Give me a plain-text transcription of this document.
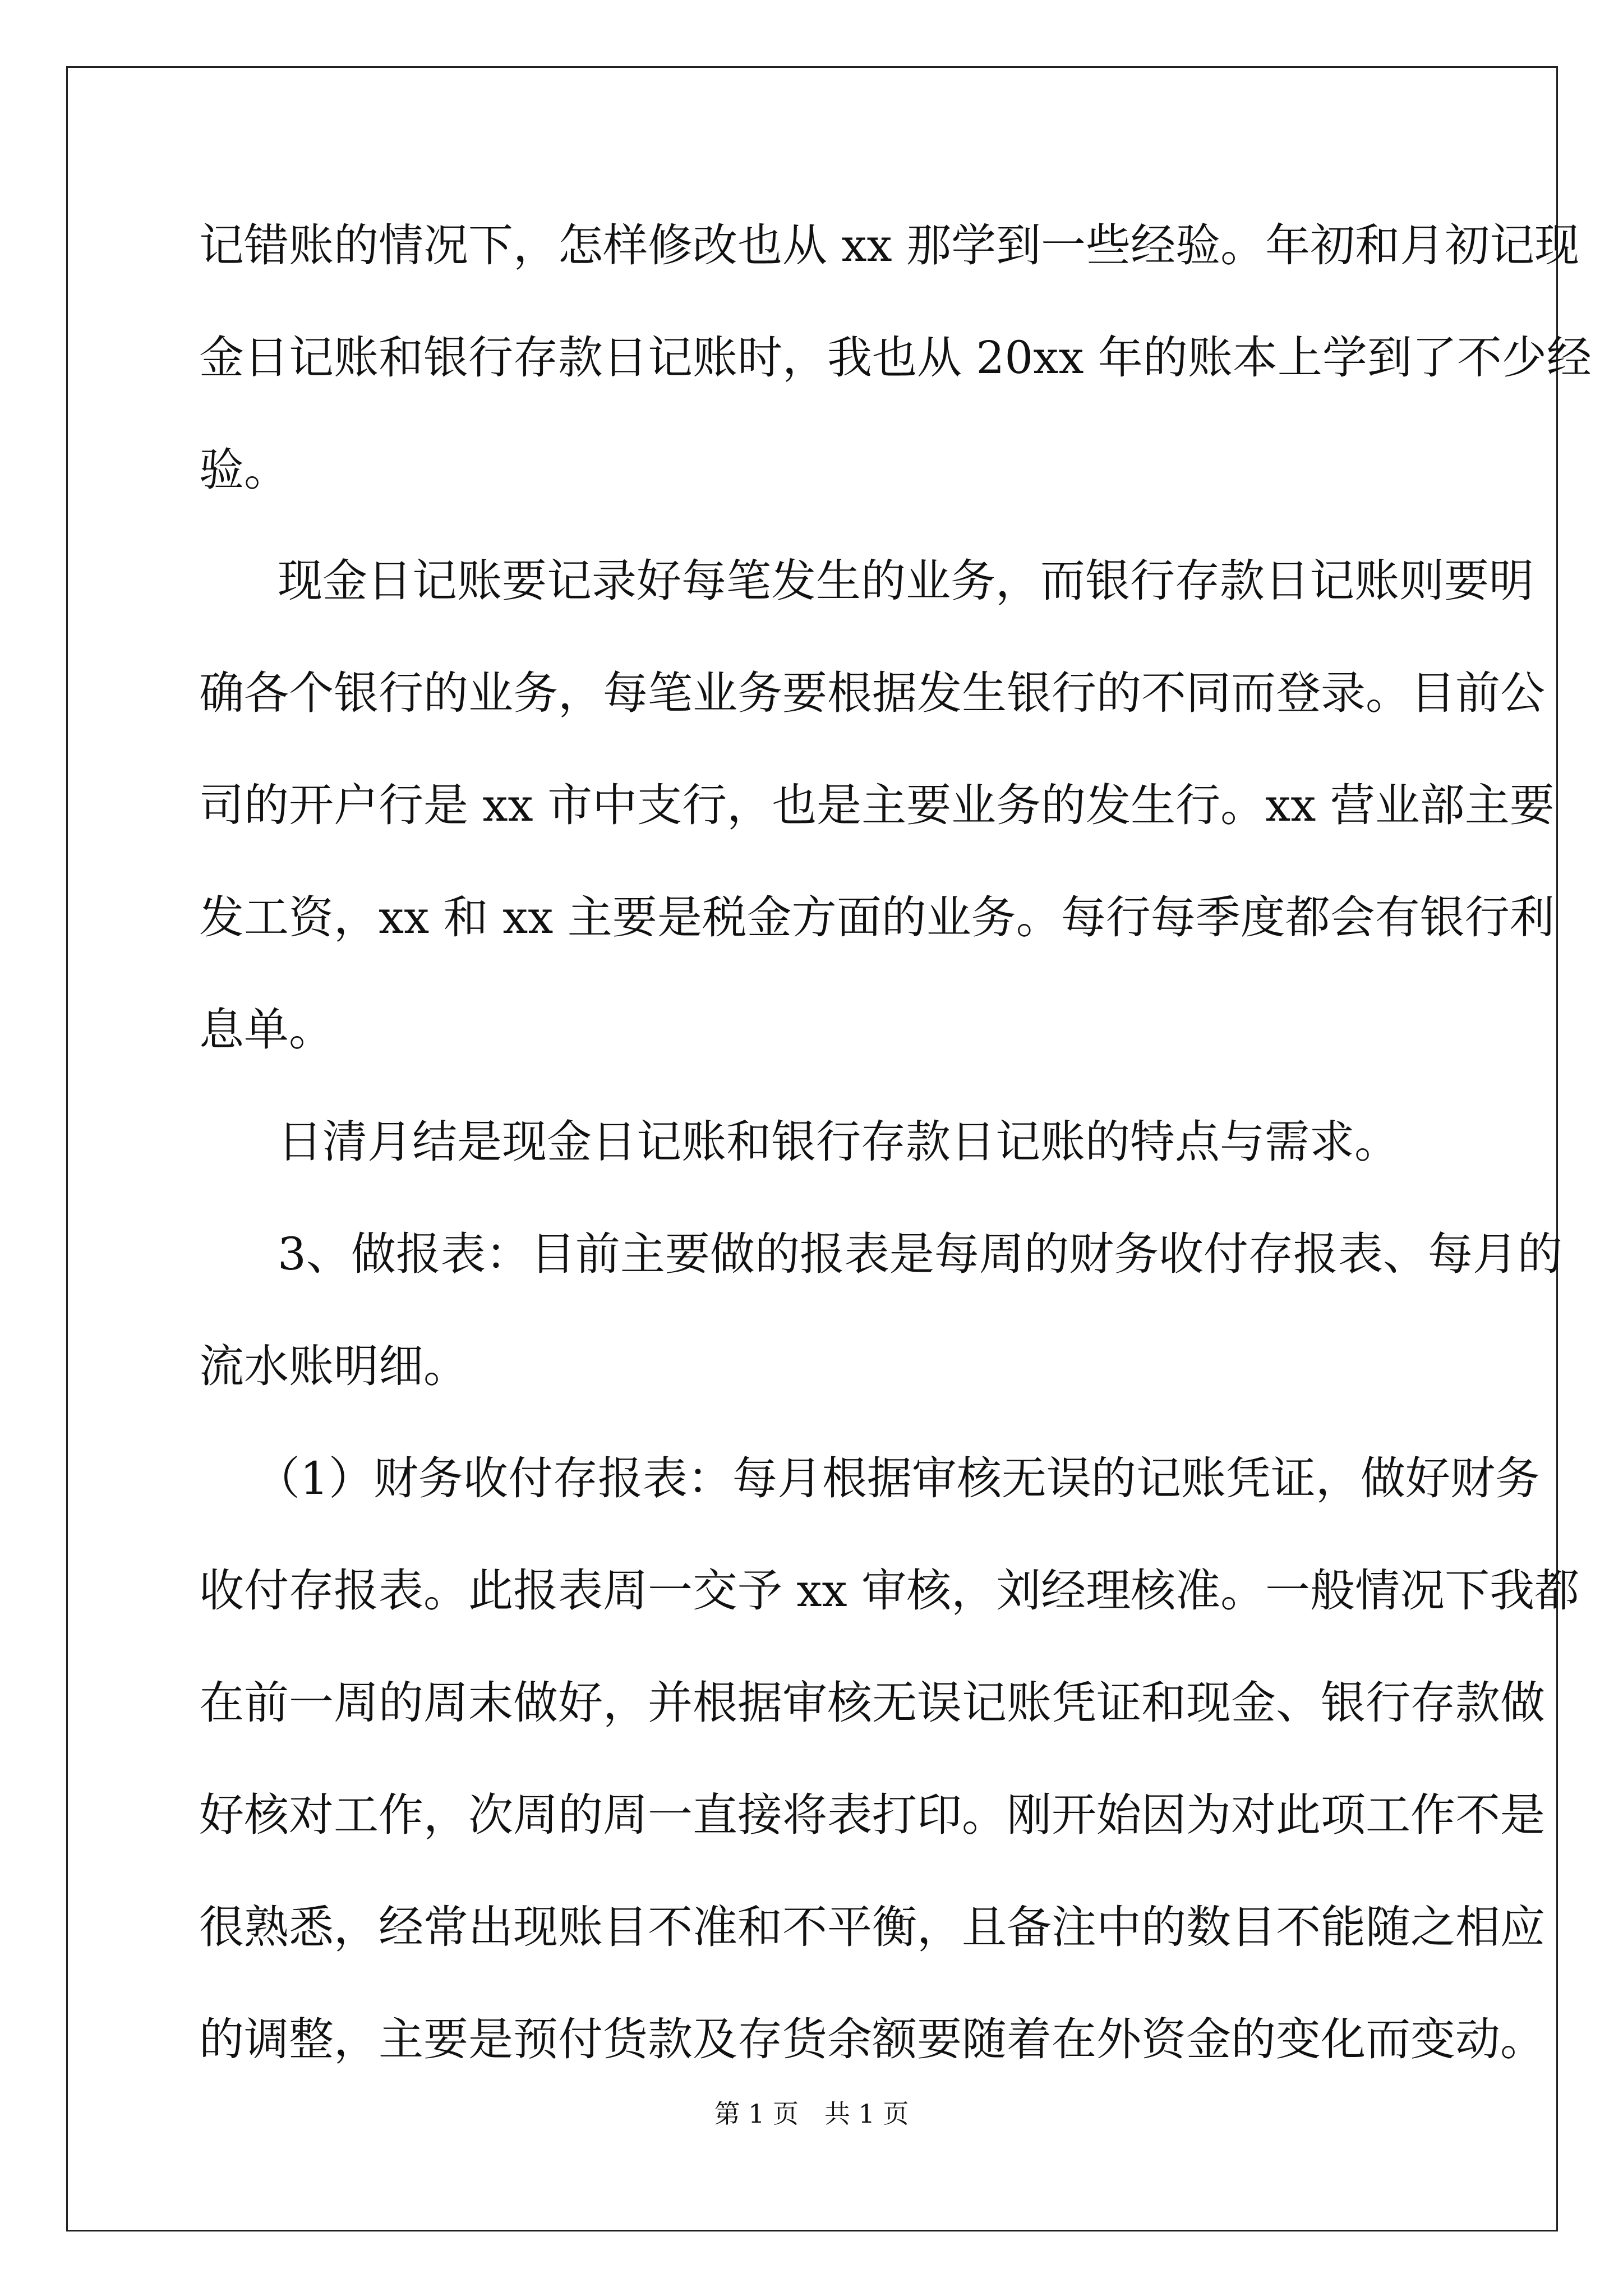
记错账的情况下，怎样修改也从 xx 那学到一些经验。年初和月初记现
金日记账和银行存款日记账时，我也从 20xx 年的账本上学到了不少经
验。
现金日记账要记录好每笔发生的业务，而银行存款日记账则要明
确各个银行的业务，每笔业务要根据发生银行的不同而登录。目前公
司的开户行是 xx 市中支行，也是主要业务的发生行。xx 营业部主要
发工资，xx 和 xx 主要是税金方面的业务。每行每季度都会有银行利
息单。
日清月结是现金日记账和银行存款日记账的特点与需求。
3、做报表：目前主要做的报表是每周的财务收付存报表、每月的
流水账明细。
（1）财务收付存报表：每月根据审核无误的记账凭证，做好财务
收付存报表。此报表周一交予 xx 审核，刘经理核准。一般情况下我都
在前一周的周末做好，并根据审核无误记账凭证和现金、银行存款做
好核对工作，次周的周一直接将表打印。刚开始因为对此项工作不是
很熟悉，经常出现账目不准和不平衡，且备注中的数目不能随之相应
的调整，主要是预付货款及存货余额要随着在外资金的变化而变动。
第 1 页　共 1 页
